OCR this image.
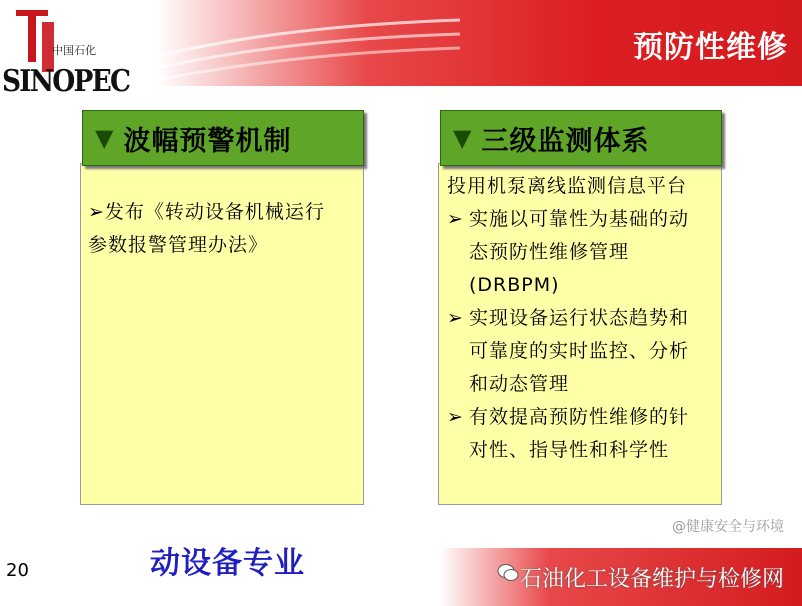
预防性维修
中国石化
SINOPEC
▼ 波幅预警机制
➢发布《转动设备机械运行
参数报警管理办法》
▼ 三级监测体系
投用机泵离线监测信息平台
➢ 实施以可靠性为基础的动
态预防性维修管理
(DRBPM)
➢ 实现设备运行状态趋势和
可靠度的实时监控、分析
和动态管理
➢ 有效提高预防性维修的针
对性、指导性和科学性
20	动设备专业
@健康安全与环境
石油化工设备维护与检修网
